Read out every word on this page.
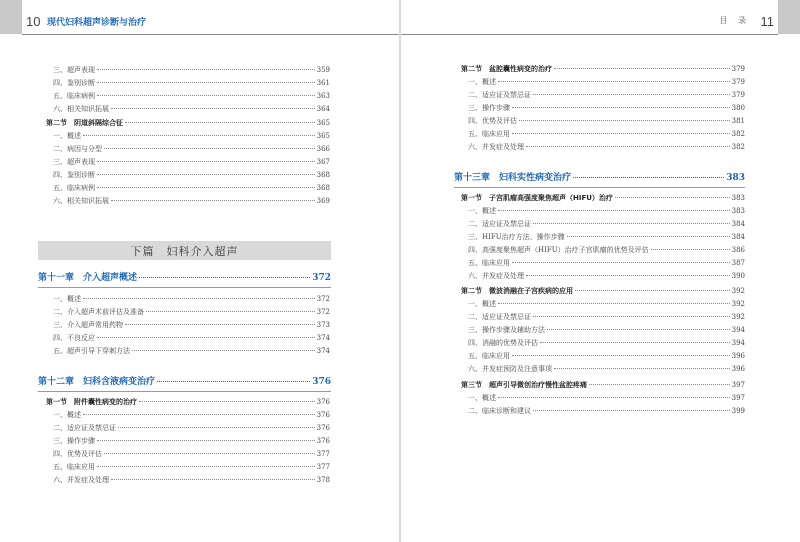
10 现代妇科超声诊断与治疗	目 录 11
三、超声表现	359
四、鉴别诊断	361
五、临床病例	363
六、相关知识拓展	364
第二节　阴道斜隔综合征	365
一、概述	365
二、病因与分型	366
三、超声表现	367
四、鉴别诊断	368
五、临床病例	368
六、相关知识拓展	369
下篇　妇科介入超声
第十一章　介入超声概述	372
一、概述	372
二、介入超声术前评估及准备	372
三、介入超声常用药物	373
四、不良反应	374
五、超声引导下穿刺方法	374
第十二章　妇科含液病变治疗	376
第一节　附件囊性病变的治疗	376
一、概述	376
二、适应证及禁忌证	376
三、操作步骤	376
四、优势及评估	377
五、临床应用	377
六、并发症及处理	378
第二节　盆腔囊性病变的治疗	379
一、概述	379
二、适应证及禁忌证	379
三、操作步骤	380
四、优势及评估	381
五、临床应用	382
六、并发症及处理	382
第十三章　妇科实性病变治疗	383
第一节　子宫肌瘤高强度聚焦超声（HIFU）治疗	383
一、概述	383
二、适应证及禁忌证	384
三、HIFU治疗方法、操作步骤	384
四、高强度聚焦超声（HIFU）治疗子宫肌瘤的优势及评估	386
五、临床应用	387
六、并发症及处理	390
第二节　微波消融在子宫疾病的应用	392
一、概述	392
二、适应证及禁忌证	392
三、操作步骤及辅助方法	394
四、消融的优势及评估	394
五、临床应用	396
六、并发症预防及注意事项	396
第三节　超声引导微创治疗慢性盆腔疼痛	397
一、概述	397
二、临床诊断和建议	399
